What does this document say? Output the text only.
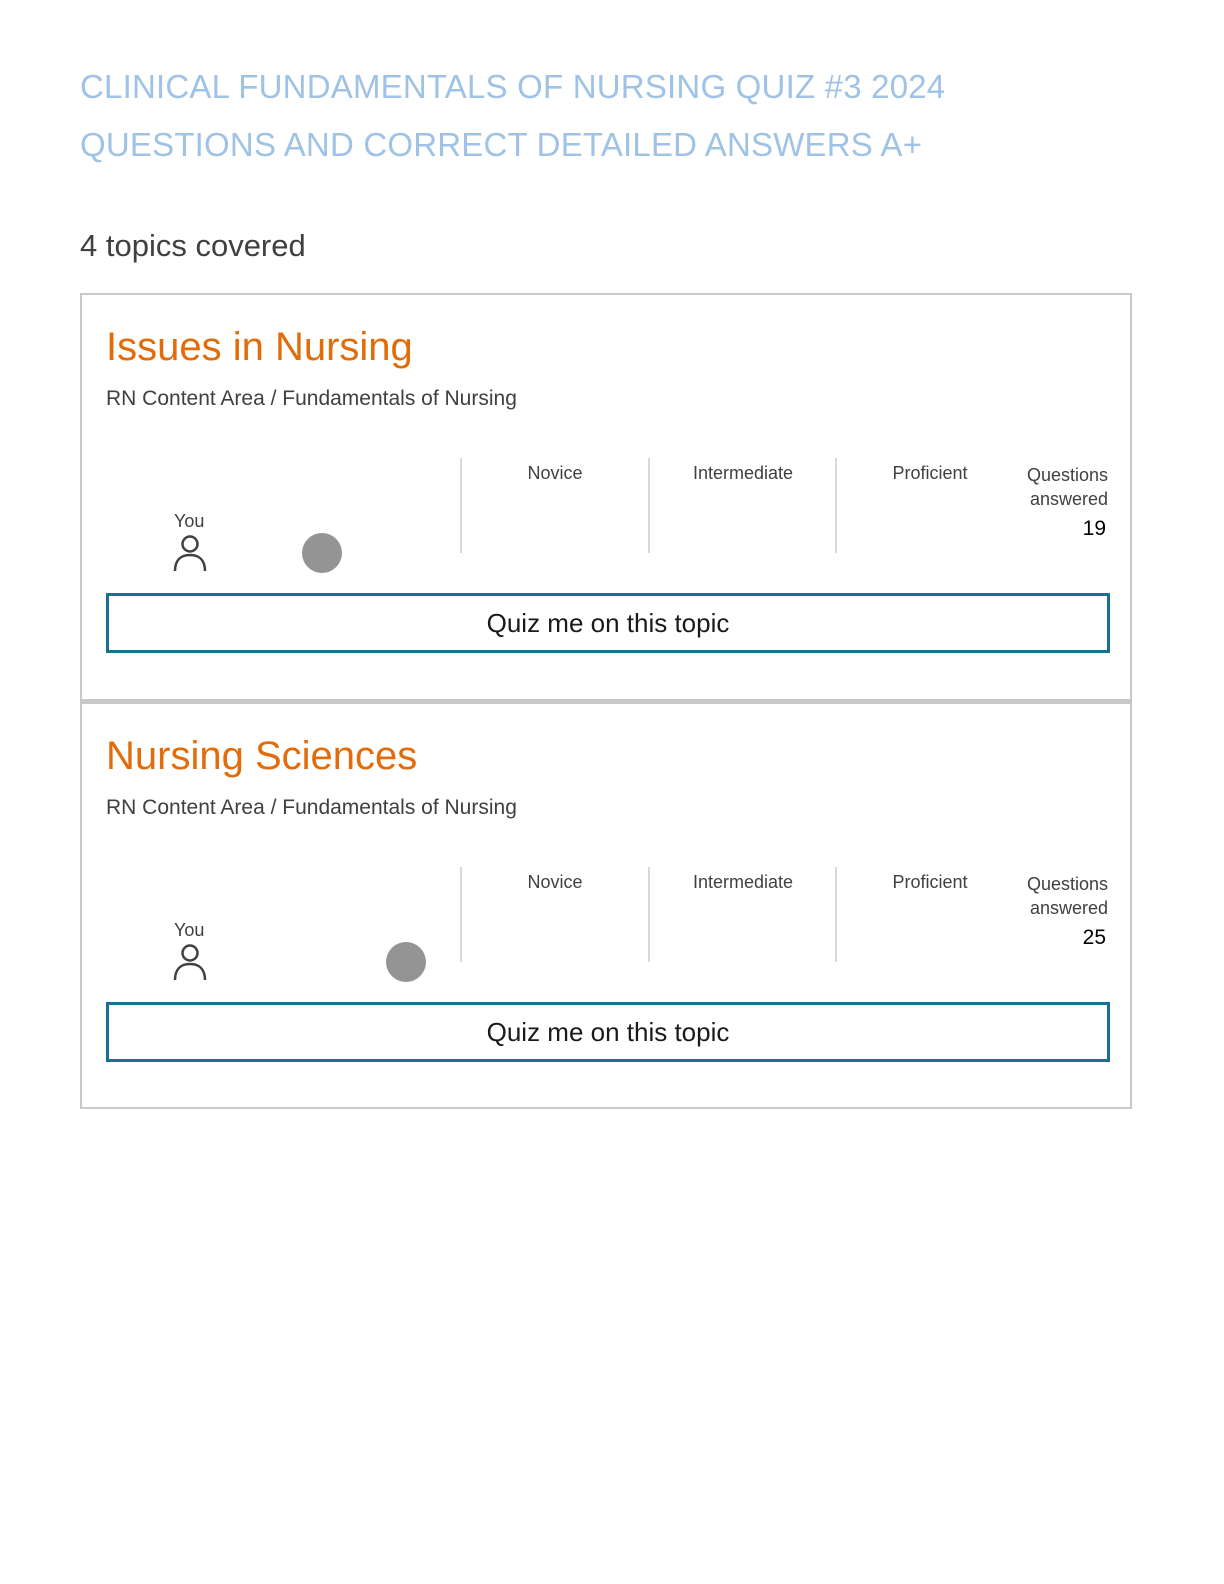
CLINICAL FUNDAMENTALS OF NURSING QUIZ #3 2024
QUESTIONS AND CORRECT DETAILED ANSWERS A+
4 topics covered
Issues in Nursing
RN Content Area / Fundamentals of Nursing
Novice	Intermediate	Proficient	Questions answered
19
You
Quiz me on this topic
Nursing Sciences
RN Content Area / Fundamentals of Nursing
Novice	Intermediate	Proficient	Questions answered
25
You
Quiz me on this topic
